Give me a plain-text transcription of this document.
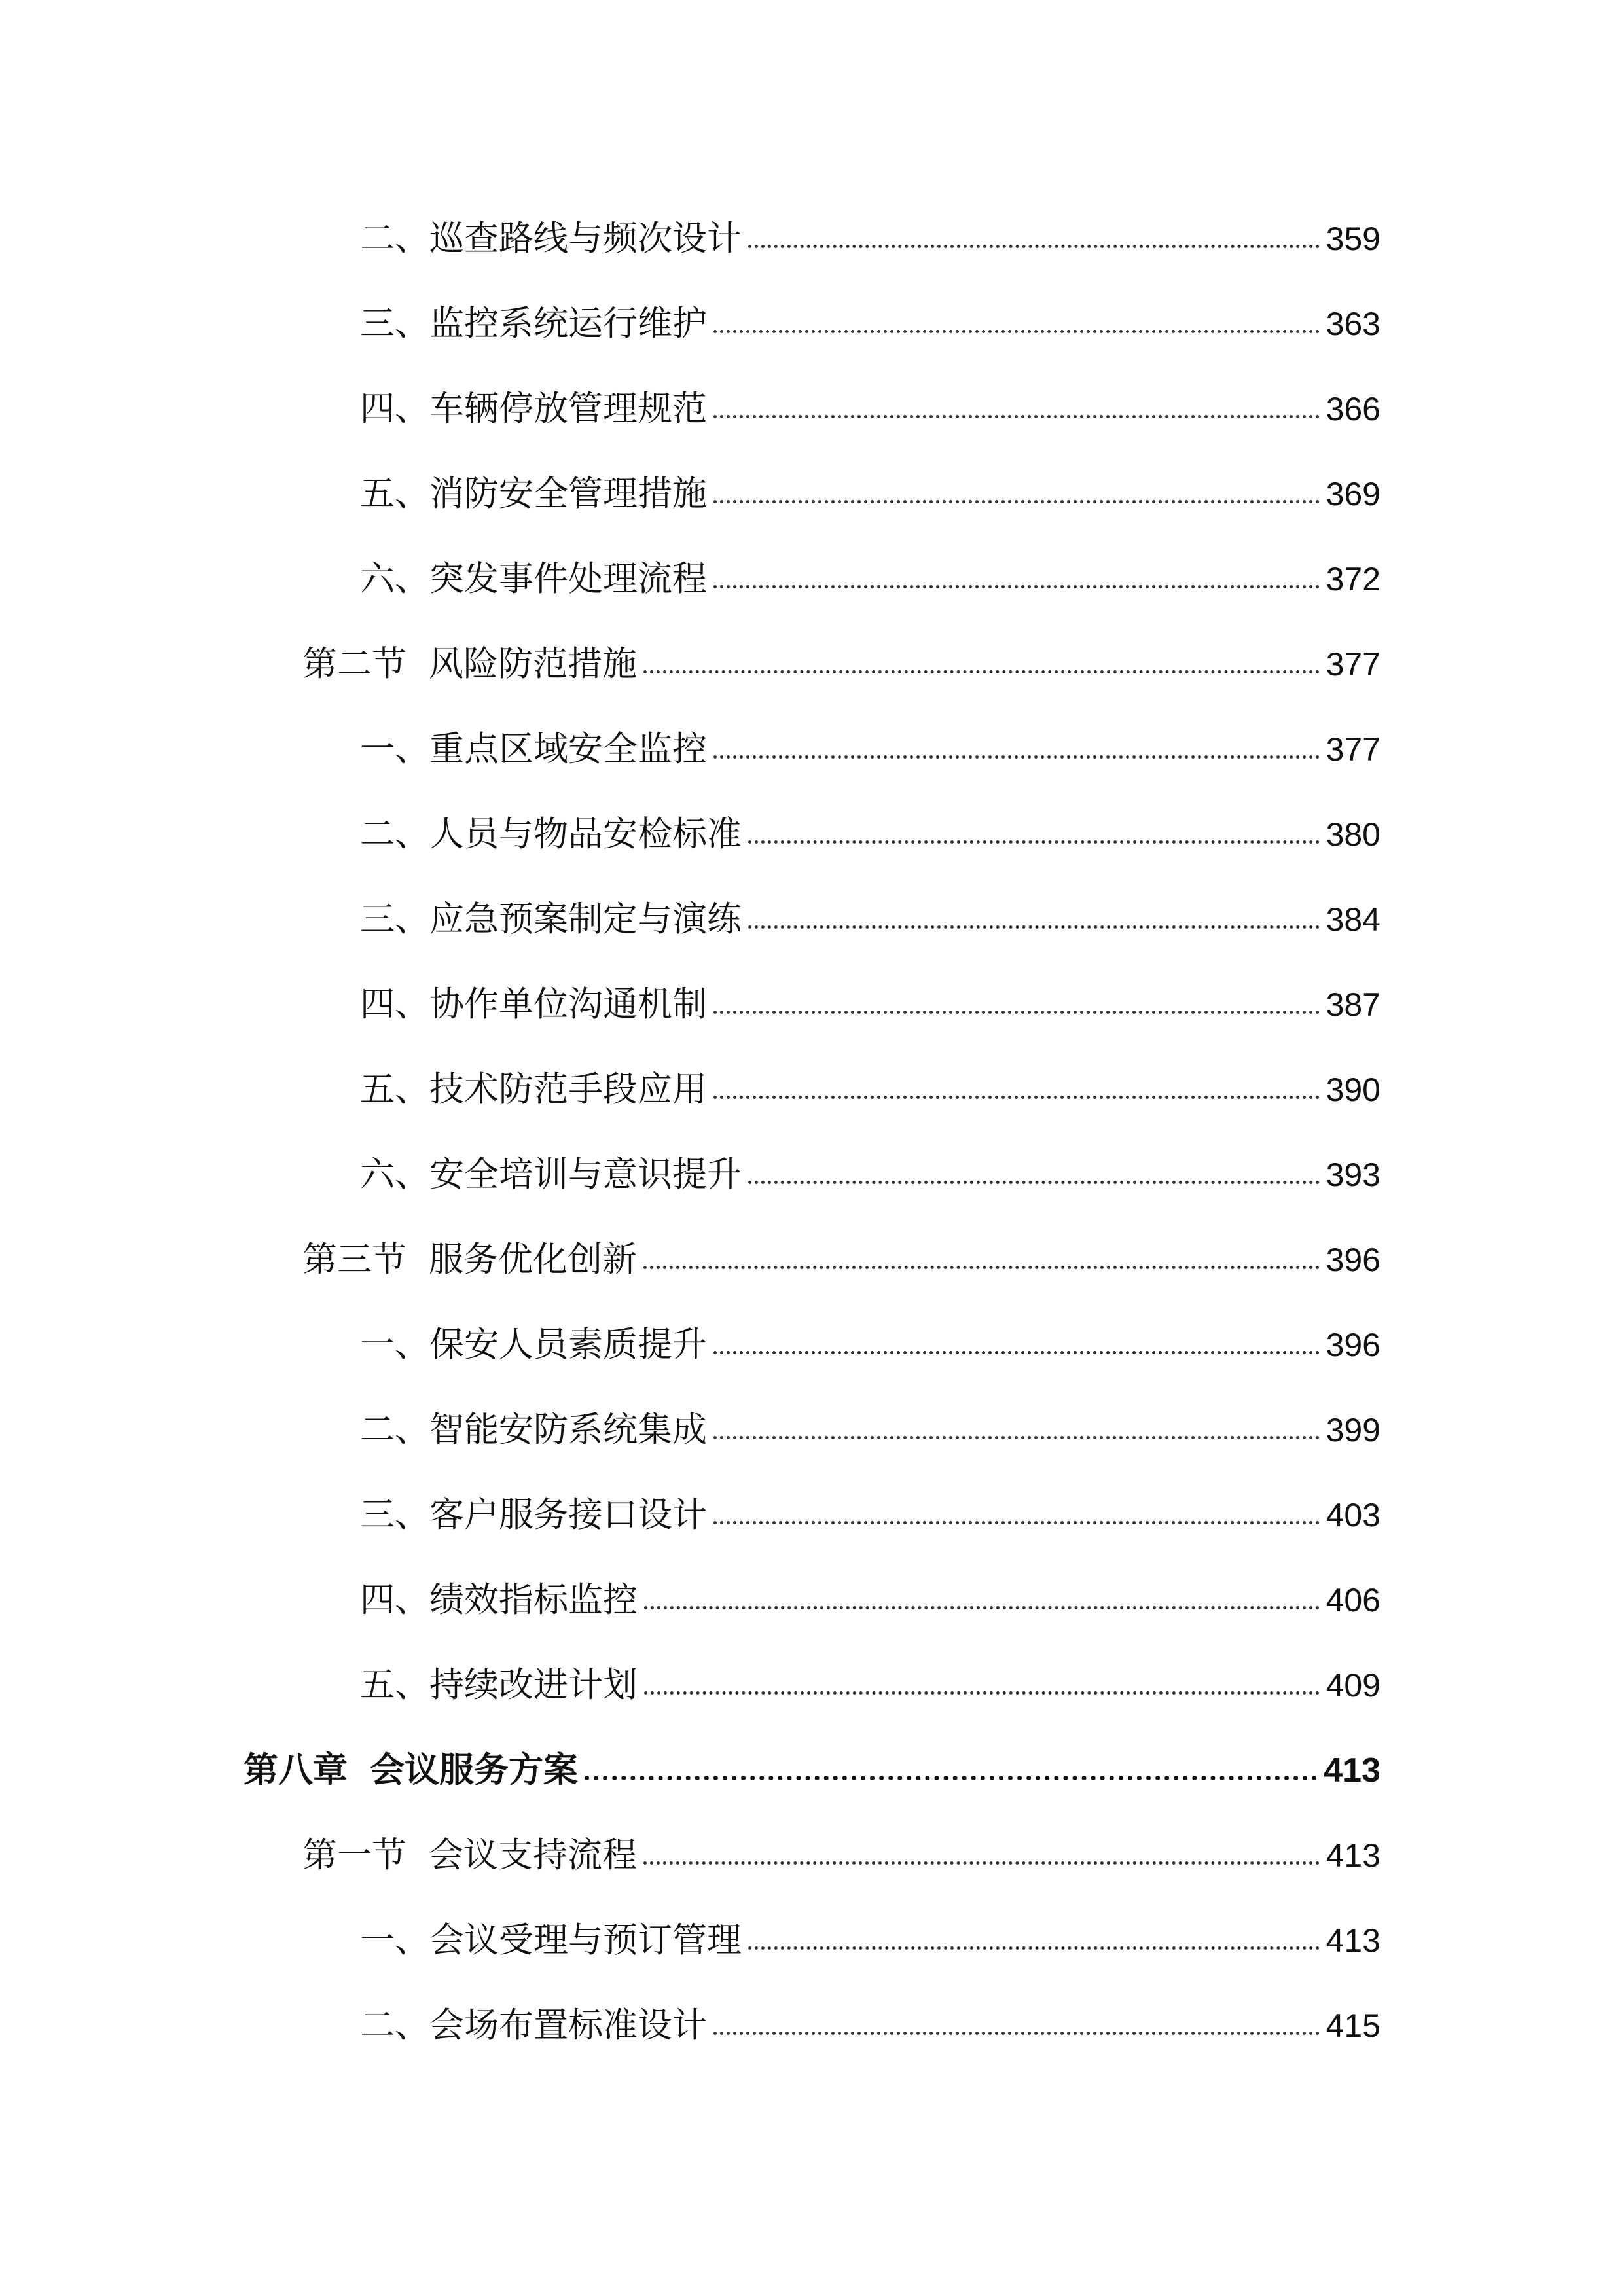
二、 巡查路线与频次设计	359
三、 监控系统运行维护	363
四、 车辆停放管理规范	366
五、 消防安全管理措施	369
六、 突发事件处理流程	372
第二节 风险防范措施	377
一、 重点区域安全监控	377
二、 人员与物品安检标准	380
三、 应急预案制定与演练	384
四、 协作单位沟通机制	387
五、 技术防范手段应用	390
六、 安全培训与意识提升	393
第三节 服务优化创新	396
一、 保安人员素质提升	396
二、 智能安防系统集成	399
三、 客户服务接口设计	403
四、 绩效指标监控	406
五、 持续改进计划	409
第八章 会议服务方案	413
第一节 会议支持流程	413
一、 会议受理与预订管理	413
二、 会场布置标准设计	415
